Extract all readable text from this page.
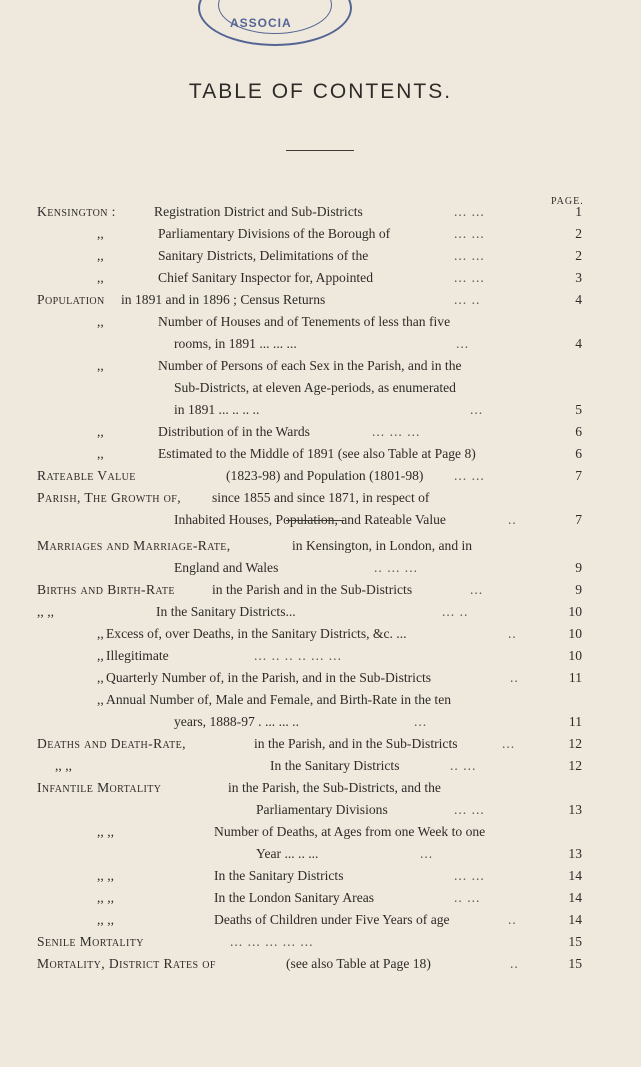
ASSOCIA
TABLE OF CONTENTS.
PAGE.
Kensington :	Registration District and Sub-Districts	... ...	1
,,	Parliamentary Divisions of the Borough of	... ...	2
,,	Sanitary Districts, Delimitations of the	... ...	2
,,	Chief Sanitary Inspector for, Appointed	... ...	3
Population in 1891 and in 1896 ; Census Returns	... ..	4
,,	Number of Houses and of Tenements of less than five
rooms, in 1891 ... ... ...	...	4
,,	Number of Persons of each Sex in the Parish, and in the
Sub-Districts, at eleven Age-periods, as enumerated
in 1891 ... .. .. ..	...	5
,,	Distribution of in the Wards	... ... ...	6
,,	Estimated to the Middle of 1891 (see also Table at Page 8)	6
Rateable Value	(1823-98) and Population (1801-98) ... ...	7
Parish, The Growth of, since 1855 and since 1871, in respect of
Inhabited Houses, Population, and Rateable Value	..	7
Marriages and Marriage-Rate,	in Kensington, in London, and in
England and Wales	.. ... ...	9
Births and Birth-Rate	in the Parish and in the Sub-Districts	...	9
,, ,,	In the Sanitary Districts...	... ..	10
,, Excess of, over Deaths, in the Sanitary Districts, &c. ...	..	10
,, Illegitimate	... .. .. .. ... ...	10
,, Quarterly Number of, in the Parish, and in the Sub-Districts	..	11
,, Annual Number of, Male and Female, and Birth-Rate in the ten
years, 1888-97 . ... ... ..	...	11
Deaths and Death-Rate,	in the Parish, and in the Sub-Districts	...	12
,, ,,	In the Sanitary Districts	.. ...	12
Infantile Mortality	in the Parish, the Sub-Districts, and the
Parliamentary Divisions	... ...	13
,, ,,	Number of Deaths, at Ages from one Week to one
Year ... .. ...	...	13
,, ,,	In the Sanitary Districts	... ...	14
,, ,,	In the London Sanitary Areas	.. ...	14
,, ,,	Deaths of Children under Five Years of age	..	14
Senile Mortality	... ... ... ... ...	15
Mortality, District Rates of	(see also Table at Page 18)	..	15
